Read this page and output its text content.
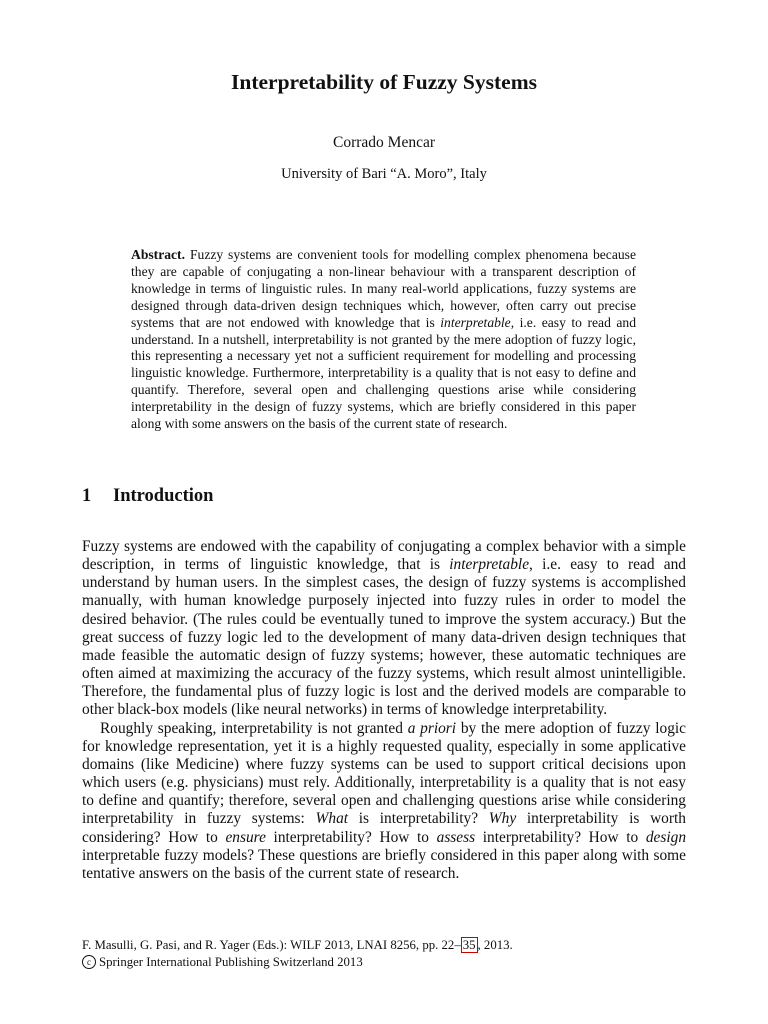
Interpretability of Fuzzy Systems
Corrado Mencar
University of Bari “A. Moro”, Italy
Abstract. Fuzzy systems are convenient tools for modelling complex phenomena because they are capable of conjugating a non-linear behaviour with a transparent description of knowledge in terms of linguistic rules. In many real-world applications, fuzzy systems are designed through data-driven design techniques which, however, often carry out precise systems that are not endowed with knowledge that is interpretable, i.e. easy to read and understand. In a nutshell, interpretability is not granted by the mere adoption of fuzzy logic, this representing a necessary yet not a sufficient requirement for modelling and processing linguistic knowledge. Furthermore, interpretability is a quality that is not easy to define and quantify. Therefore, several open and challenging questions arise while considering interpretability in the design of fuzzy systems, which are briefly considered in this paper along with some answers on the basis of the current state of research.
1 Introduction

Fuzzy systems are endowed with the capability of conjugating a complex behavior with a simple description, in terms of linguistic knowledge, that is interpretable, i.e. easy to read and understand by human users. In the simplest cases, the design of fuzzy systems is accomplished manually, with human knowledge purposely injected into fuzzy rules in order to model the desired behavior. (The rules could be eventually tuned to improve the system accuracy.) But the great success of fuzzy logic led to the development of many data-driven design techniques that made feasible the automatic design of fuzzy systems; however, these automatic techniques are often aimed at maximizing the accuracy of the fuzzy systems, which result almost unintelligible. Therefore, the fundamental plus of fuzzy logic is lost and the derived models are comparable to other black-box models (like neural networks) in terms of knowledge interpretability.

Roughly speaking, interpretability is not granted a priori by the mere adoption of fuzzy logic for knowledge representation, yet it is a highly requested quality, especially in some applicative domains (like Medicine) where fuzzy systems can be used to support critical decisions upon which users (e.g. physicians) must rely. Additionally, interpretability is a quality that is not easy to define and quantify; therefore, several open and challenging questions arise while considering interpretability in fuzzy systems: What is interpretability? Why interpretability is worth considering? How to ensure interpretability? How to assess interpretability? How to design interpretable fuzzy models? These questions are briefly considered in this paper along with some tentative answers on the basis of the current state of research.

F. Masulli, G. Pasi, and R. Yager (Eds.): WILF 2013, LNAI 8256, pp. 22– 35 , 2013.
c Springer International Publishing Switzerland 2013
